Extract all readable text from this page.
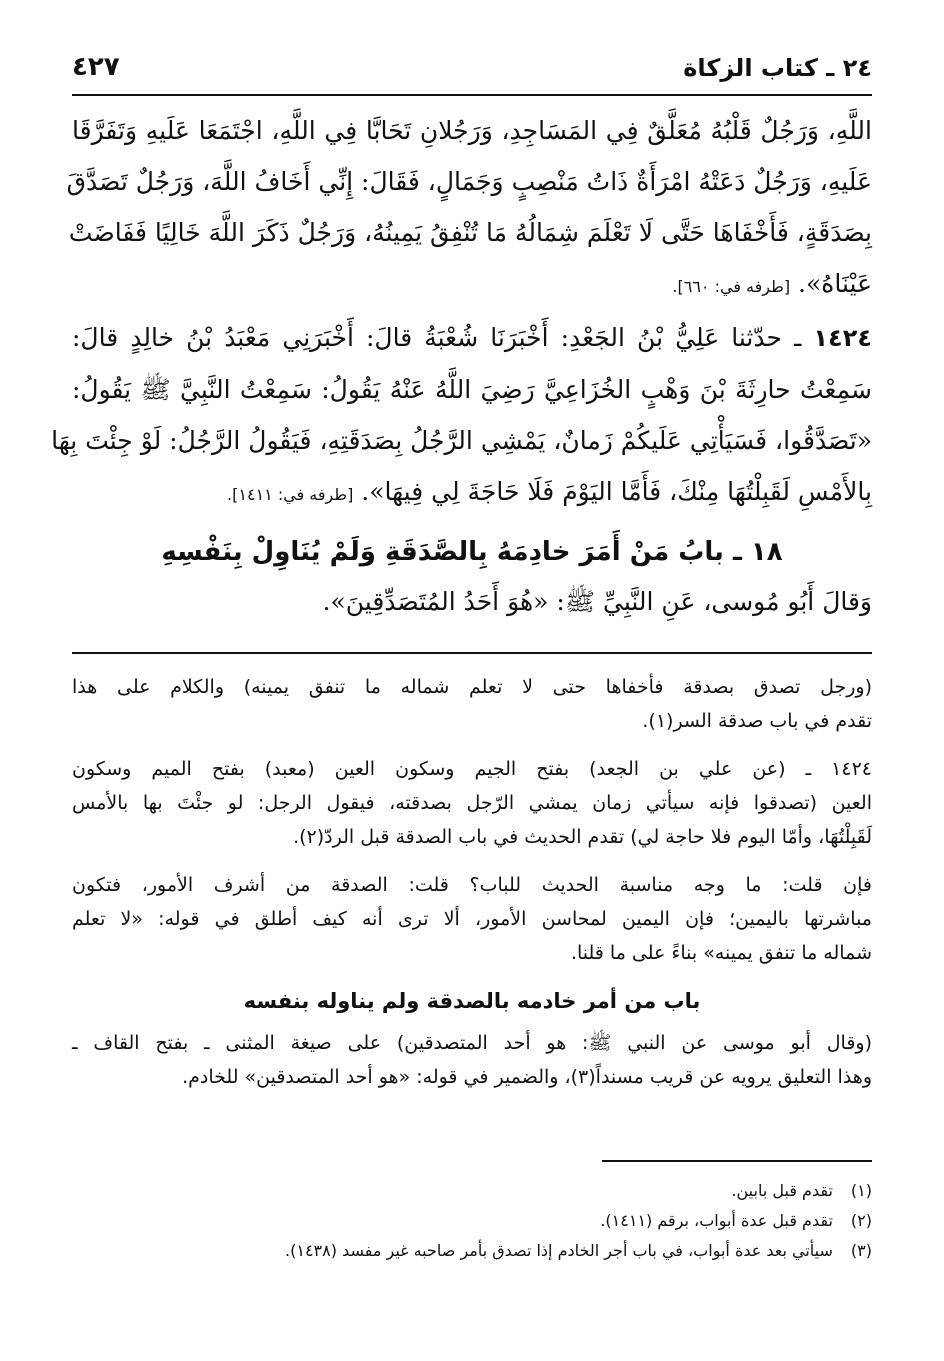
٢٤ ـ كتاب الزكاة
٤٢٧

اللَّهِ، وَرَجُلٌ قَلْبُهُ مُعَلَّقٌ فِي المَسَاجِدِ، وَرَجُلانِ تَحَابَّا فِي اللَّهِ، اجْتَمَعَا عَلَيهِ وَتَفَرَّقَا

عَلَيهِ، وَرَجُلٌ دَعَتْهُ امْرَأَةٌ ذَاتُ مَنْصِبٍ وَجَمَالٍ، فَقَالَ: إِنِّي أَخَافُ اللَّهَ، وَرَجُلٌ تَصَدَّقَ

بِصَدَقَةٍ، فَأَخْفَاهَا حَتَّى لَا تَعْلَمَ شِمَالُهُ مَا تُنْفِقُ يَمِينُهُ، وَرَجُلٌ ذَكَرَ اللَّهَ خَالِيًا فَفَاضَتْ

عَيْنَاهُ». [طرفه في: ٦٦٠].

١٤٢٤ ـ حدّثنا عَلِيُّ بْنُ الجَعْدِ: أَخْبَرَنَا شُعْبَةُ قالَ: أَخْبَرَنِي مَعْبَدُ بْنُ خالِدٍ قالَ:

سَمِعْتُ حارِثَةَ بْنَ وَهْبٍ الخُزَاعِيَّ رَضِيَ اللَّهُ عَنْهُ يَقُولُ: سَمِعْتُ النَّبِيَّ ﷺ يَقُولُ:

«تَصَدَّقُوا، فَسَيَأْتِي عَلَيكُمْ زَمانٌ، يَمْشِي الرَّجُلُ بِصَدَقَتِهِ، فَيَقُولُ الرَّجُلُ: لَوْ جِئْتَ بِهَا

بِالأَمْسِ لَقَبِلْتُهَا مِنْكَ، فَأَمَّا اليَوْمَ فَلَا حَاجَةَ لِي فِيهَا». [طرفه في: ١٤١١].

١٨ ـ بابُ مَنْ أَمَرَ خادِمَهُ بِالصَّدَقَةِ وَلَمْ يُنَاوِلْ بِنَفْسِهِ

وَقالَ أَبُو مُوسى، عَنِ النَّبِيِّ ﷺ: «هُوَ أَحَدُ المُتَصَدِّقِينَ».

(ورجل تصدق بصدقة فأخفاها حتى لا تعلم شماله ما تنفق يمينه) والكلام على هذا

تقدم في باب صدقة السر(١).

١٤٢٤ ـ (عن علي بن الجعد) بفتح الجيم وسكون العين (معبد) بفتح الميم وسكون

العين (تصدقوا فإنه سيأتي زمان يمشي الرّجل بصدقته، فيقول الرجل: لو جئْتَ بها بالأمس

لَقَبِلْتُهَا، وأمّا اليوم فلا حاجة لي) تقدم الحديث في باب الصدقة قبل الردّ(٢).

فإن قلت: ما وجه مناسبة الحديث للباب؟ قلت: الصدقة من أشرف الأمور، فتكون

مباشرتها باليمين؛ فإن اليمين لمحاسن الأمور، ألا ترى أنه كيف أطلق في قوله: «لا تعلم

شماله ما تنفق يمينه» بناءً على ما قلنا.

باب من أمر خادمه بالصدقة ولم يناوله بنفسه

(وقال أبو موسى عن النبي ﷺ: هو أحد المتصدقين) على صيغة المثنى ـ بفتح القاف ـ

وهذا التعليق يرويه عن قريب مسنداً(٣)، والضمير في قوله: «هو أحد المتصدقين» للخادم.

(١) تقدم قبل بابين.
(٢) تقدم قبل عدة أبواب، برقم (١٤١١).
(٣) سيأتي بعد عدة أبواب، في باب أجر الخادم إذا تصدق بأمر صاحبه غير مفسد (١٤٣٨).
